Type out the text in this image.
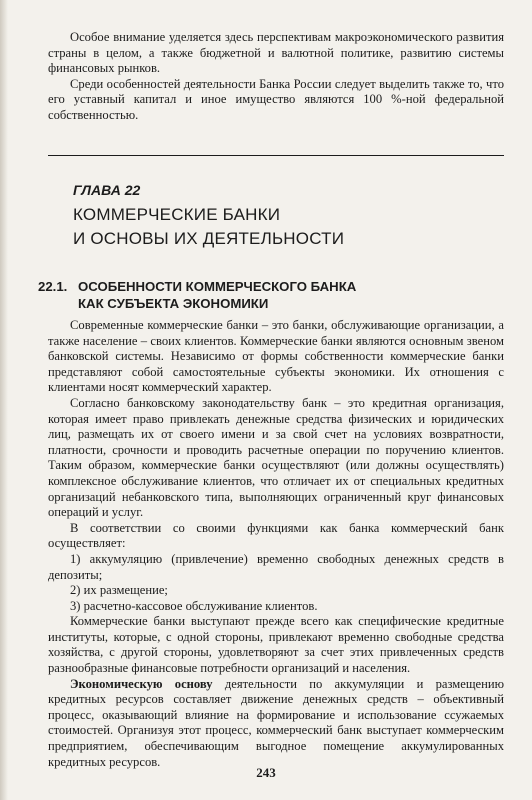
Особое внимание уделяется здесь перспективам макроэкономического развития страны в целом, а также бюджетной и валютной политике, развитию системы финансовых рынков.

Среди особенностей деятельности Банка России следует выделить также то, что его уставный капитал и иное имущество являются 100 %-ной федеральной собственностью.

ГЛАВА 22
КОММЕРЧЕСКИЕ БАНКИ
И ОСНОВЫ ИХ ДЕЯТЕЛЬНОСТИ
22.1. ОСОБЕННОСТИ КОММЕРЧЕСКОГО БАНКА
КАК СУБЪЕКТА ЭКОНОМИКИ

Современные коммерческие банки – это банки, обслуживающие организации, а также население – своих клиентов. Коммерческие банки являются основным звеном банковской системы. Независимо от формы собственности коммерческие банки представляют собой самостоятельные субъекты экономики. Их отношения с клиентами носят коммерческий характер.

Согласно банковскому законодательству банк – это кредитная организация, которая имеет право привлекать денежные средства физических и юридических лиц, размещать их от своего имени и за свой счет на условиях возвратности, платности, срочности и проводить расчетные операции по поручению клиентов. Таким образом, коммерческие банки осуществляют (или должны осуществлять) комплексное обслуживание клиентов, что отличает их от специальных кредитных организаций небанковского типа, выполняющих ограниченный круг финансовых операций и услуг.

В соответствии со своими функциями как банка коммерческий банк осуществляет:

1) аккумуляцию (привлечение) временно свободных денежных средств в депозиты;

2) их размещение;

3) расчетно-кассовое обслуживание клиентов.

Коммерческие банки выступают прежде всего как специфические кредитные институты, которые, с одной стороны, привлекают временно свободные средства хозяйства, с другой стороны, удовлетворяют за счет этих привлеченных средств разнообразные финансовые потребности организаций и населения.

Экономическую основу деятельности по аккумуляции и размещению кредитных ресурсов составляет движение денежных средств – объективный процесс, оказывающий влияние на формирование и использование ссужаемых стоимостей. Организуя этот процесс, коммерческий банк выступает коммерческим предприятием, обеспечивающим выгодное помещение аккумулированных кредитных ресурсов.

243
